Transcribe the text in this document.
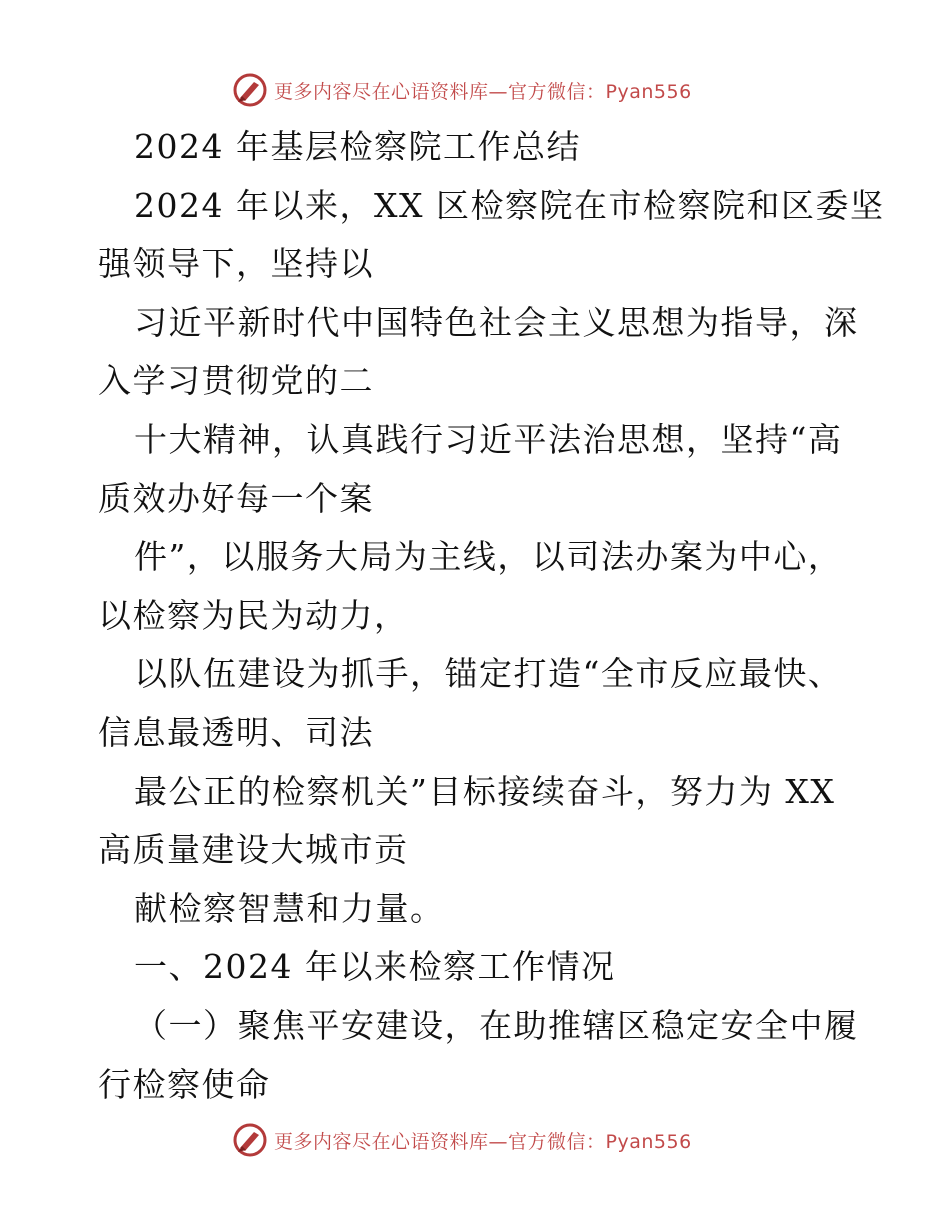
更多内容尽在心语资料库—官方微信：Pyan556
2024 年基层检察院工作总结
2024 年以来，XX 区检察院在市检察院和区委坚
强领导下，坚持以
习近平新时代中国特色社会主义思想为指导，深
入学习贯彻党的二
十大精神，认真践行习近平法治思想，坚持“高
质效办好每一个案
件”，以服务大局为主线，以司法办案为中心，
以检察为民为动力，
以队伍建设为抓手，锚定打造“全市反应最快、
信息最透明、司法
最公正的检察机关”目标接续奋斗，努力为 XX
高质量建设大城市贡
献检察智慧和力量。
一、2024 年以来检察工作情况
（一）聚焦平安建设，在助推辖区稳定安全中履
行检察使命
更多内容尽在心语资料库—官方微信：Pyan556
